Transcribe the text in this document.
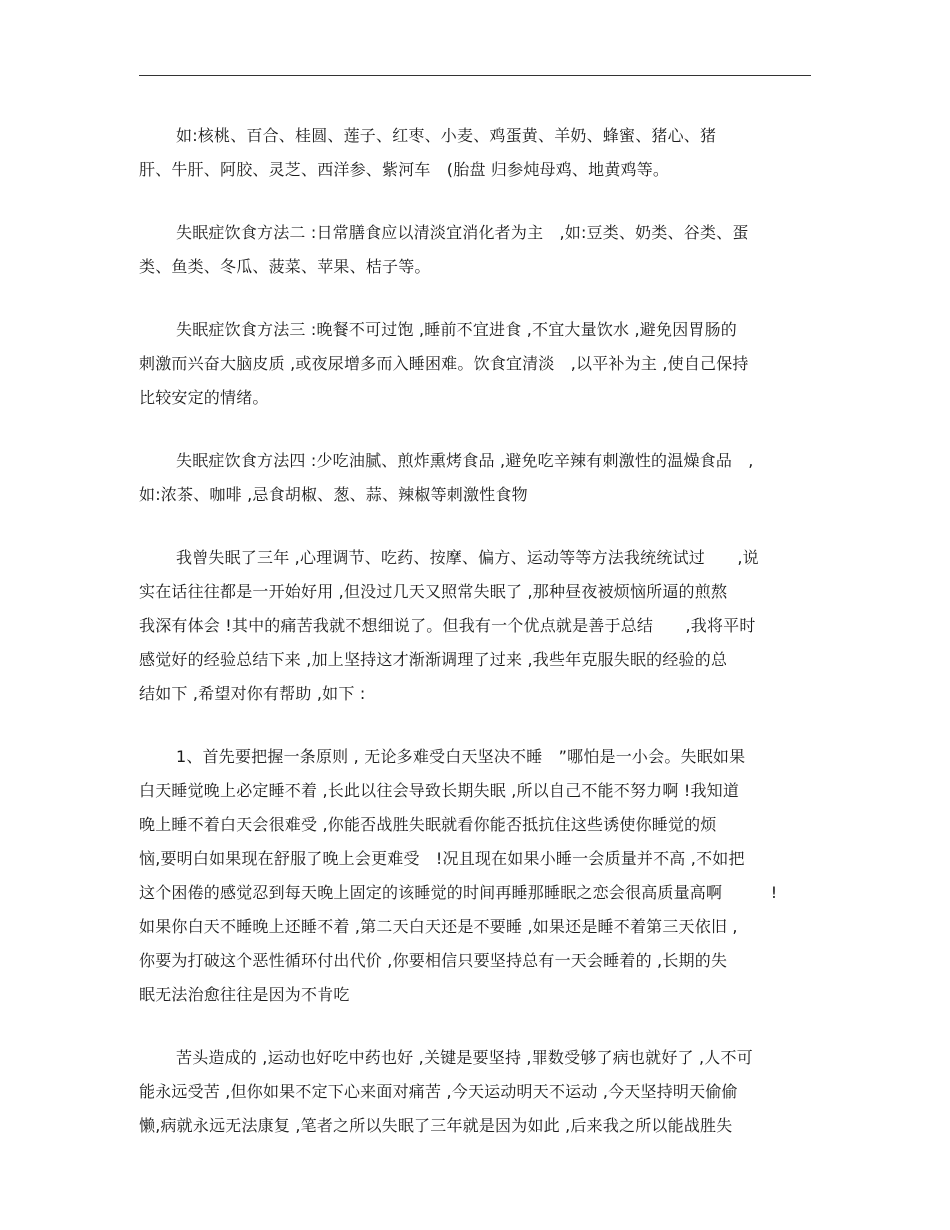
如:核桃、百合、桂圆、莲子、红枣、小麦、鸡蛋黄、羊奶、蜂蜜、猪心、猪
肝、牛肝、阿胶、灵芝、西洋参、紫河车　(胎盘 归参炖母鸡、地黄鸡等。
失眠症饮食方法二 :日常膳食应以清淡宜消化者为主　,如:豆类、奶类、谷类、蛋
类、鱼类、冬瓜、菠菜、苹果、桔子等。
失眠症饮食方法三 :晚餐不可过饱 ,睡前不宜进食 ,不宜大量饮水 ,避免因胃肠的
刺激而兴奋大脑皮质 ,或夜尿增多而入睡困难。饮食宜清淡　,以平补为主 ,使自己保持
比较安定的情绪。
失眠症饮食方法四 :少吃油腻、煎炸熏烤食品 ,避免吃辛辣有刺激性的温燥食品　,
如:浓茶、咖啡 ,忌食胡椒、葱、蒜、辣椒等刺激性食物
我曾失眠了三年 ,心理调节、吃药、按摩、偏方、运动等等方法我统统试过　　,说
实在话往往都是一开始好用 ,但没过几天又照常失眠了 ,那种昼夜被烦恼所逼的煎熬
我深有体会 !其中的痛苦我就不想细说了。但我有一个优点就是善于总结　　,我将平时
感觉好的经验总结下来 ,加上坚持这才渐渐调理了过来 ,我些年克服失眠的经验的总
结如下 ,希望对你有帮助 ,如下 :
1、首先要把握一条原则 , 无论多难受白天坚决不睡　”哪怕是一小会。失眠如果
白天睡觉晚上必定睡不着 ,长此以往会导致长期失眠 ,所以自己不能不努力啊 !我知道
晚上睡不着白天会很难受 ,你能否战胜失眠就看你能否抵抗住这些诱使你睡觉的烦
恼,要明白如果现在舒服了晚上会更难受　!况且现在如果小睡一会质量并不高 ,不如把
这个困倦的感觉忍到每天晚上固定的该睡觉的时间再睡那睡眠之恋会很高质量高啊　　　!
如果你白天不睡晚上还睡不着 ,第二天白天还是不要睡 ,如果还是睡不着第三天依旧 ,
你要为打破这个恶性循环付出代价 ,你要相信只要坚持总有一天会睡着的 ,长期的失
眠无法治愈往往是因为不肯吃
苦头造成的 ,运动也好吃中药也好 ,关键是要坚持 ,罪数受够了病也就好了 ,人不可
能永远受苦 ,但你如果不定下心来面对痛苦 ,今天运动明天不运动 ,今天坚持明天偷偷
懒,病就永远无法康复 ,笔者之所以失眠了三年就是因为如此 ,后来我之所以能战胜失
